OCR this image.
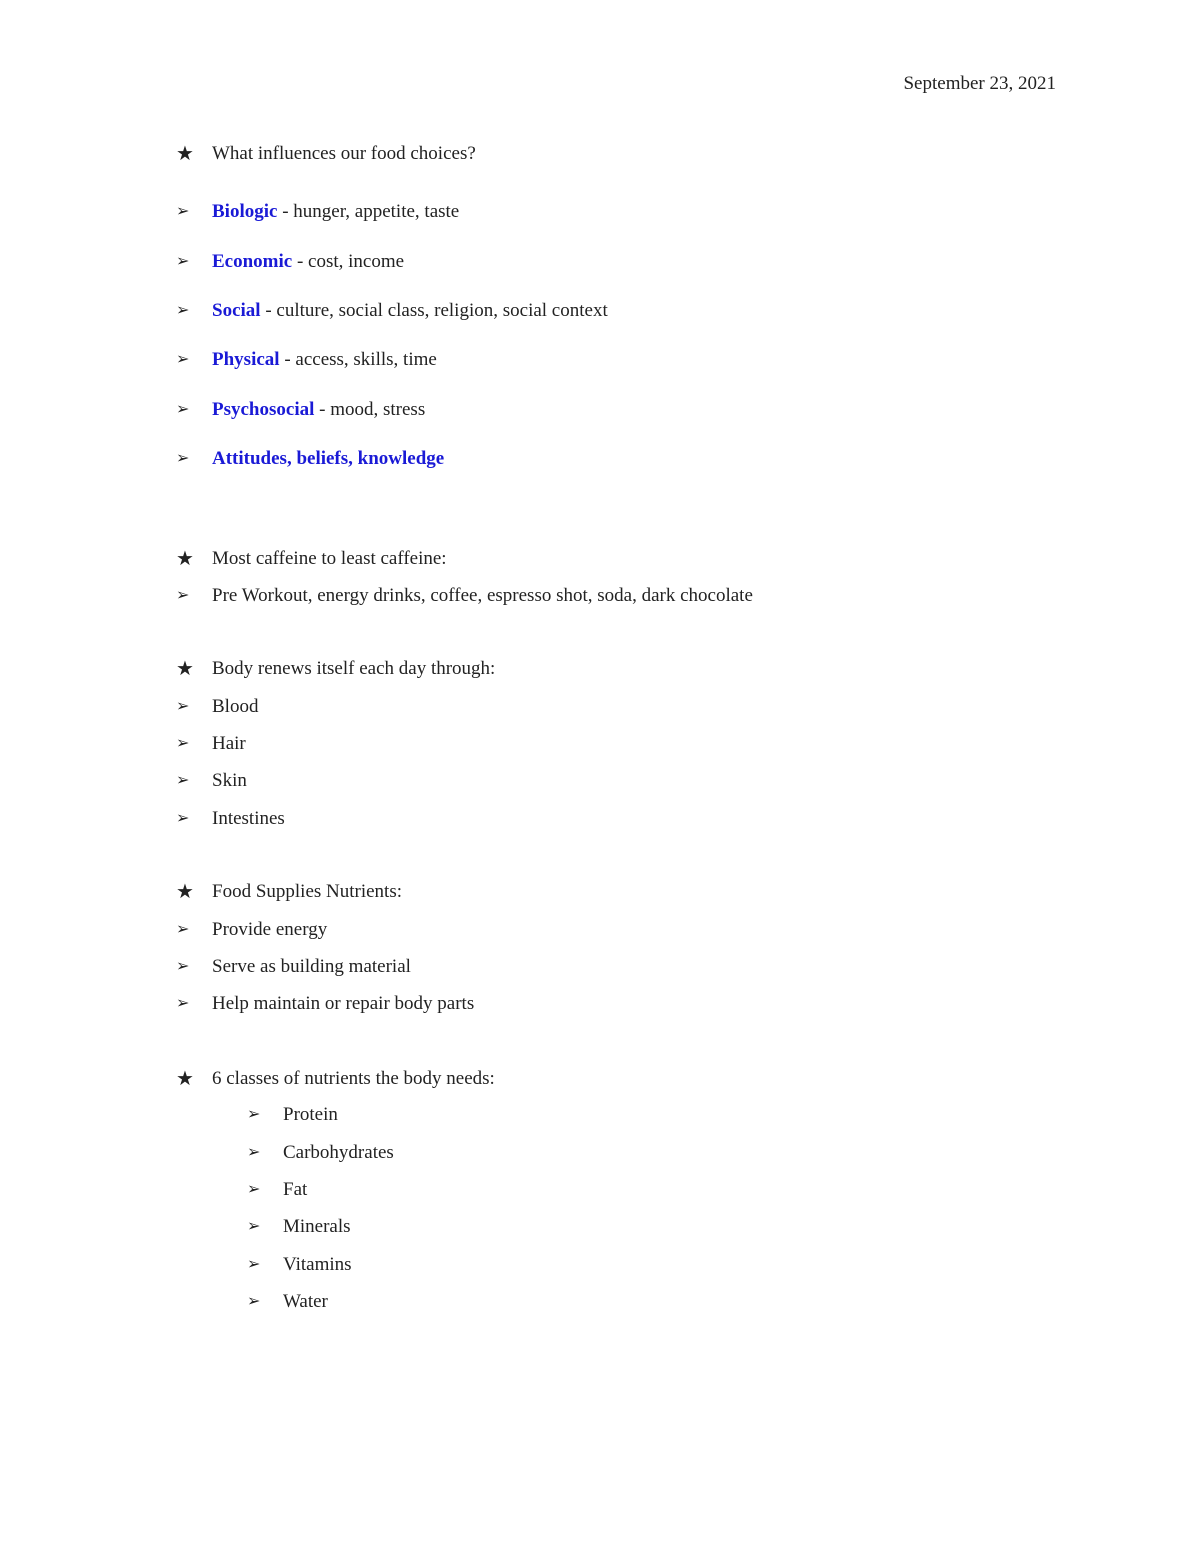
September 23, 2021
★ What influences our food choices?
➢	Biologic - hunger, appetite, taste
➢	Economic - cost, income
➢	Social - culture, social class, religion, social context
➢	Physical - access, skills, time
➢	Psychosocial - mood, stress
➢	Attitudes, beliefs, knowledge
★ Most caffeine to least caffeine:
➢	Pre Workout, energy drinks, coffee, espresso shot, soda, dark chocolate
★ Body renews itself each day through:
➢	Blood
➢	Hair
➢	Skin
➢	Intestines
★ Food Supplies Nutrients:
➢	Provide energy
➢	Serve as building material
➢	Help maintain or repair body parts
★ 6 classes of nutrients the body needs:
➢	Protein
➢	Carbohydrates
➢	Fat
➢	Minerals
➢	Vitamins
➢	Water
